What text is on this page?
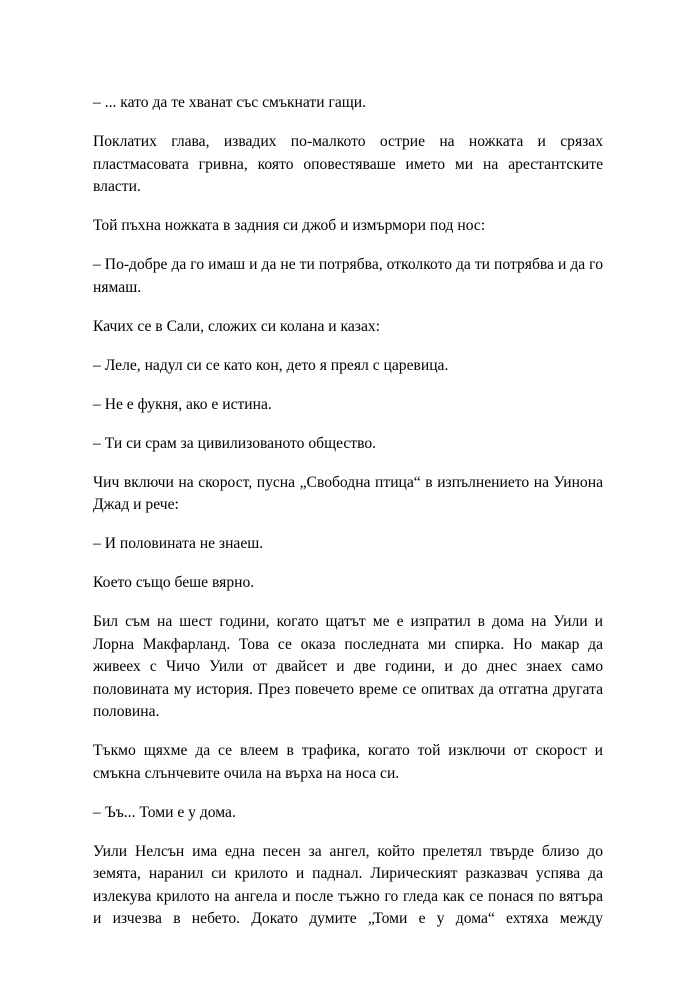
– ... като да те хванат със смъкнати гащи.

Поклатих глава, извадих по-малкото острие на ножката и срязах пластмасовата гривна, която оповестяваше името ми на арестантските власти.

Той пъхна ножката в задния си джоб и измърмори под нос:

– По-добре да го имаш и да не ти потрябва, отколкото да ти потрябва и да го нямаш.

Качих се в Сали, сложих си колана и казах:

– Леле, надул си се като кон, дето я преял с царевица.

– Не е фукня, ако е истина.

– Ти си срам за цивилизованото общество.

Чич включи на скорост, пусна „Свободна птица“ в изпълнението на Уинона Джад и рече:

– И половината не знаеш.

Което също беше вярно.

Бил съм на шест години, когато щатът ме е изпратил в дома на Уили и Лорна Макфарланд. Това се оказа последната ми спирка. Но макар да живеех с Чичо Уили от двайсет и две години, и до днес знаех само половината му история. През повечето време се опитвах да отгатна другата половина.

Тъкмо щяхме да се влеем в трафика, когато той изключи от скорост и смъкна слънчевите очила на върха на носа си.

– Ъъ... Томи е у дома.

Уили Нелсън има една песен за ангел, който прелетял твърде близо до земята, наранил си крилото и паднал. Лирическият разказвач успява да излекува крилото на ангела и после тъжно го гледа как се понася по вятъра и изчезва в небето. Докато думите „Томи е у дома“ ехтяха между
